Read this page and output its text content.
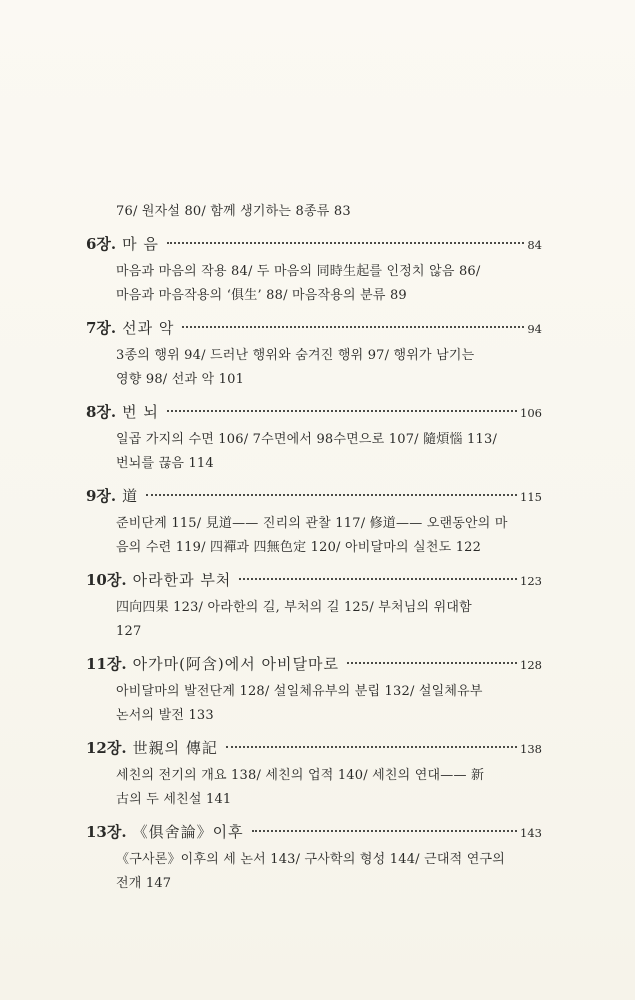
76/ 원자설 80/ 함께 생기하는 8종류 83

6장. 마 음	84

마음과 마음의 작용 84/ 두 마음의 同時生起를 인정치 않음 86/

마음과 마음작용의 ‘俱生’ 88/ 마음작용의 분류 89

7장. 선과 악	94

3종의 행위 94/ 드러난 행위와 숨겨진 행위 97/ 행위가 남기는

영향 98/ 선과 악 101

8장. 번 뇌	106

일곱 가지의 수면 106/ 7수면에서 98수면으로 107/ 隨煩惱 113/

번뇌를 끊음 114

9장. 道	115

준비단계 115/ 見道—— 진리의 관찰 117/ 修道—— 오랜동안의 마

음의 수련 119/ 四禪과 四無色定 120/ 아비달마의 실천도 122

10장. 아라한과 부처	123

四向四果 123/ 아라한의 길, 부처의 길 125/ 부처님의 위대함

127

11장. 아가마(阿含)에서 아비달마로	128

아비달마의 발전단계 128/ 설일체유부의 분립 132/ 설일체유부

논서의 발전 133

12장. 世親의 傳記	138

세친의 전기의 개요 138/ 세친의 업적 140/ 세친의 연대—— 新

古의 두 세친설 141

13장. 《俱舍論》이후	143

《구사론》이후의 세 논서 143/ 구사학의 형성 144/ 근대적 연구의

전개 147
